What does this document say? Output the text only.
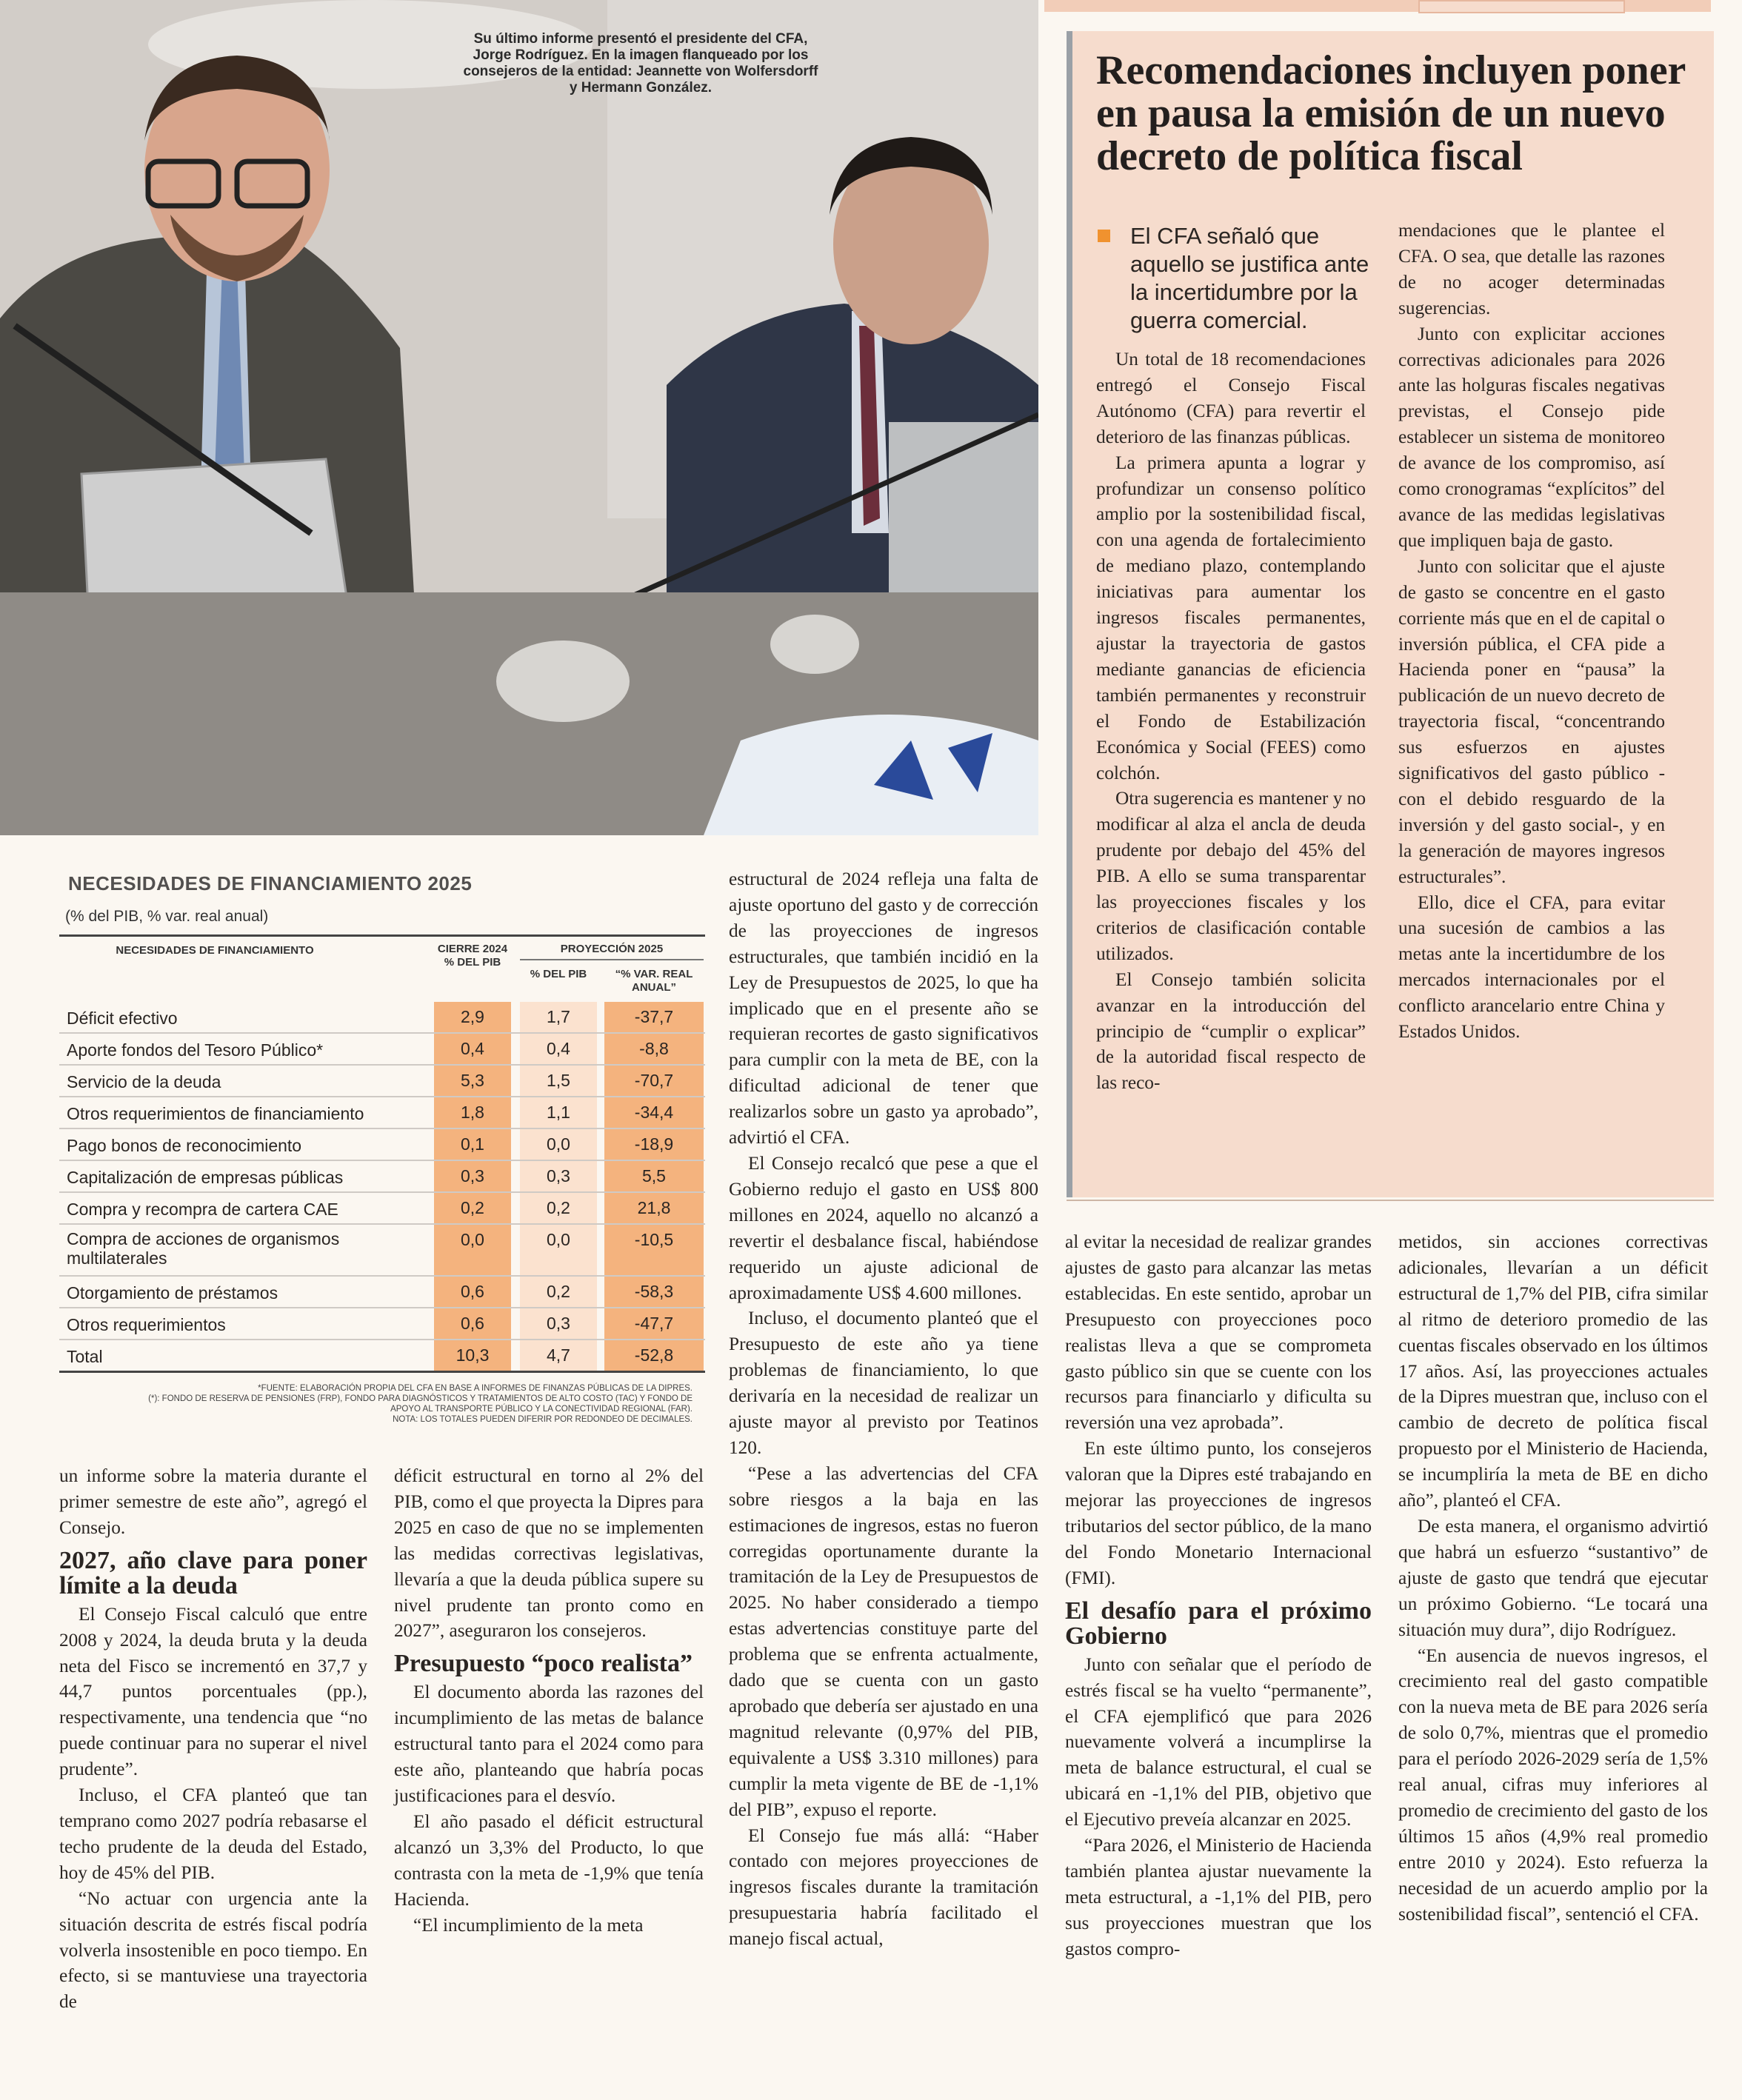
Su último informe presentó el presidente del CFA, Jorge Rodríguez. En la imagen flanqueado por los consejeros de la entidad: Jeannette von Wolfersdorff y Hermann González.	Recomendaciones incluyen poner en pausa la emisión de un nuevo decreto de política fiscal

El CFA señaló que aquello se justifica ante la incertidumbre por la guerra comercial.

Un total de 18 recomendaciones entregó el Consejo Fiscal Autónomo (CFA) para revertir el deterioro de las finanzas públicas.

La primera apunta a lograr y profundizar un consenso político amplio por la sostenibilidad fiscal, con una agenda de fortalecimiento de mediano plazo, contemplando iniciativas para aumentar los ingresos fiscales permanentes, ajustar la trayectoria de gastos mediante ganancias de eficiencia también permanentes y reconstruir el Fondo de Estabilización Económica y Social (FEES) como colchón.

Otra sugerencia es mantener y no modificar al alza el ancla de deuda prudente por debajo del 45% del PIB. A ello se suma transparentar las proyecciones fiscales y los criterios de clasificación contable utilizados.

El Consejo también solicita avanzar en la introducción del principio de “cumplir o explicar” de la autoridad fiscal respecto de las reco-

mendaciones que le plantee el CFA. O sea, que detalle las razones de no acoger determinadas sugerencias.

Junto con explicitar acciones correctivas adicionales para 2026 ante las holguras fiscales negativas previstas, el Consejo pide establecer un sistema de monitoreo de avance de los compromiso, así como cronogramas “explícitos” del avance de las medidas legislativas que impliquen baja de gasto.

Junto con solicitar que el ajuste de gasto se concentre en el gasto corriente más que en el de capital o inversión pública, el CFA pide a Hacienda poner en “pausa” la publicación de un nuevo decreto de trayectoria fiscal, “concentrando sus esfuerzos en ajustes significativos del gasto público -con el debido resguardo de la inversión y del gasto social-, y en la generación de mayores ingresos estructurales”.

Ello, dice el CFA, para evitar una sucesión de cambios a las metas ante la incertidumbre de los mercados internacionales por el conflicto arancelario entre China y Estados Unidos.

NECESIDADES DE FINANCIAMIENTO 2025
(% del PIB, % var. real anual)
NECESIDADES DE FINANCIAMIENTO	CIERRE 2024 % DEL PIB
PROYECCIÓN 2025
% DEL PIB	“% VAR. REAL ANUAL”
Déficit efectivo	2,9	1,7	-37,7
Aporte fondos del Tesoro Público*	0,4	0,4	-8,8
Servicio de la deuda	5,3	1,5	-70,7
Otros requerimientos de financiamiento	1,8	1,1	-34,4
Pago bonos de reconocimiento	0,1	0,0	-18,9
Capitalización de empresas públicas	0,3	0,3	5,5
Compra y recompra de cartera CAE	0,2	0,2	21,8
Compra de acciones de organismos multilaterales
0,0	0,0	-10,5
Otorgamiento de préstamos	0,6	0,2	-58,3
Otros requerimientos	0,6	0,3	-47,7
Total	10,3	4,7	-52,8
*FUENTE: ELABORACIÓN PROPIA DEL CFA EN BASE A INFORMES DE FINANZAS PÚBLICAS DE LA DIPRES.
(*): FONDO DE RESERVA DE PENSIONES (FRP), FONDO PARA DIAGNÓSTICOS Y TRATAMIENTOS DE ALTO COSTO (TAC) Y FONDO DE APOYO AL TRANSPORTE PÚBLICO Y LA CONECTIVIDAD REGIONAL (FAR).
NOTA: LOS TOTALES PUEDEN DIFERIR POR REDONDEO DE DECIMALES.

un informe sobre la materia durante el primer semestre de este año”, agregó el Consejo.

2027, año clave para poner límite a la deuda

El Consejo Fiscal calculó que entre 2008 y 2024, la deuda bruta y la deuda neta del Fisco se incrementó en 37,7 y 44,7 puntos porcentuales (pp.), respectivamente, una tendencia que “no puede continuar para no superar el nivel prudente”.

Incluso, el CFA planteó que tan temprano como 2027 podría rebasarse el techo prudente de la deuda del Estado, hoy de 45% del PIB.

“No actuar con urgencia ante la situación descrita de estrés fiscal podría volverla insostenible en poco tiempo. En efecto, si se mantuviese una trayectoria de

déficit estructural en torno al 2% del PIB, como el que proyecta la Dipres para 2025 en caso de que no se implementen las medidas correctivas legislativas, llevaría a que la deuda pública supere su nivel prudente tan pronto como en 2027”, aseguraron los consejeros.

Presupuesto “poco realista”

El documento aborda las razones del incumplimiento de las metas de balance estructural tanto para el 2024 como para este año, planteando que habría pocas justificaciones para el desvío.

El año pasado el déficit estructural alcanzó un 3,3% del Producto, lo que contrasta con la meta de -1,9% que tenía Hacienda.

“El incumplimiento de la meta

estructural de 2024 refleja una falta de ajuste oportuno del gasto y de corrección de las proyecciones de ingresos estructurales, que también incidió en la Ley de Presupuestos de 2025, lo que ha implicado que en el presente año se requieran recortes de gasto significativos para cumplir con la meta de BE, con la dificultad adicional de tener que realizarlos sobre un gasto ya aprobado”, advirtió el CFA.

El Consejo recalcó que pese a que el Gobierno redujo el gasto en US$ 800 millones en 2024, aquello no alcanzó a revertir el desbalance fiscal, habiéndose requerido un ajuste adicional de aproximadamente US$ 4.600 millones.

Incluso, el documento planteó que el Presupuesto de este año ya tiene problemas de financiamiento, lo que derivaría en la necesidad de realizar un ajuste mayor al previsto por Teatinos 120.

“Pese a las advertencias del CFA sobre riesgos a la baja en las estimaciones de ingresos, estas no fueron corregidas oportunamente durante la tramitación de la Ley de Presupuestos de 2025. No haber considerado a tiempo estas advertencias constituye parte del problema que se enfrenta actualmente, dado que se cuenta con un gasto aprobado que debería ser ajustado en una magnitud relevante (0,97% del PIB, equivalente a US$ 3.310 millones) para cumplir la meta vigente de BE de -1,1% del PIB”, expuso el reporte.

El Consejo fue más allá: “Haber contado con mejores proyecciones de ingresos fiscales durante la tramitación presupuestaria habría facilitado el manejo fiscal actual,

al evitar la necesidad de realizar grandes ajustes de gasto para alcanzar las metas establecidas. En este sentido, aprobar un Presupuesto con proyecciones poco realistas lleva a que se comprometa gasto público sin que se cuente con los recursos para financiarlo y dificulta su reversión una vez aprobada”.

En este último punto, los consejeros valoran que la Dipres esté trabajando en mejorar las proyecciones de ingresos tributarios del sector público, de la mano del Fondo Monetario Internacional (FMI).

El desafío para el próximo Gobierno

Junto con señalar que el período de estrés fiscal se ha vuelto “permanente”, el CFA ejemplificó que para 2026 nuevamente volverá a incumplirse la meta de balance estructural, el cual se ubicará en -1,1% del PIB, objetivo que el Ejecutivo preveía alcanzar en 2025.

“Para 2026, el Ministerio de Hacienda también plantea ajustar nuevamente la meta estructural, a -1,1% del PIB, pero sus proyecciones muestran que los gastos compro-

metidos, sin acciones correctivas adicionales, llevarían a un déficit estructural de 1,7% del PIB, cifra similar al ritmo de deterioro promedio de las cuentas fiscales observado en los últimos 17 años. Así, las proyecciones actuales de la Dipres muestran que, incluso con el cambio de decreto de política fiscal propuesto por el Ministerio de Hacienda, se incumpliría la meta de BE en dicho año”, planteó el CFA.

De esta manera, el organismo advirtió que habrá un esfuerzo “sustantivo” de ajuste de gasto que tendrá que ejecutar un próximo Gobierno. “Le tocará una situación muy dura”, dijo Rodríguez.

“En ausencia de nuevos ingresos, el crecimiento real del gasto compatible con la nueva meta de BE para 2026 sería de solo 0,7%, mientras que el promedio para el período 2026-2029 sería de 1,5% real anual, cifras muy inferiores al promedio de crecimiento del gasto de los últimos 15 años (4,9% real promedio entre 2010 y 2024). Esto refuerza la necesidad de un acuerdo amplio por la sostenibilidad fiscal”, sentenció el CFA.
